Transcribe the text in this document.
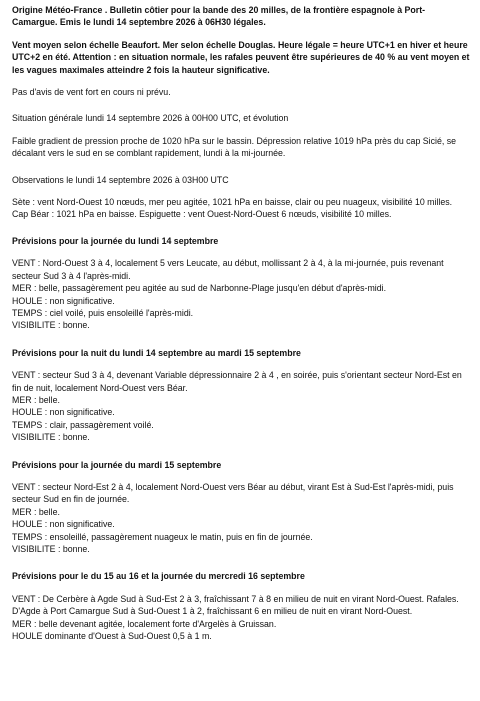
Origine Météo-France . Bulletin côtier pour la bande des 20 milles, de la frontière espagnole à Port-Camargue. Emis le lundi 14 septembre 2026 à 06H30 légales.

Vent moyen selon échelle Beaufort. Mer selon échelle Douglas. Heure légale = heure UTC+1 en hiver et heure UTC+2 en été. Attention : en situation normale, les rafales peuvent être supérieures de 40 % au vent moyen et les vagues maximales atteindre 2 fois la hauteur significative.

Pas d'avis de vent fort en cours ni prévu.

Situation générale lundi 14 septembre 2026 à 00H00 UTC, et évolution

Faible gradient de pression proche de 1020 hPa sur le bassin. Dépression relative 1019 hPa près du cap Sicié, se décalant vers le sud en se comblant rapidement, lundi à la mi-journée.

Observations le lundi 14 septembre 2026 à 03H00 UTC

Sète : vent Nord-Ouest 10 nœuds, mer peu agitée, 1021 hPa en baisse, clair ou peu nuageux, visibilité 10 milles. Cap Béar : 1021 hPa en baisse. Espiguette : vent Ouest-Nord-Ouest 6 nœuds, visibilité 10 milles.

Prévisions pour la journée du lundi 14 septembre

VENT : Nord-Ouest 3 à 4, localement 5 vers Leucate, au début, mollissant 2 à 4, à la mi-journée, puis revenant secteur Sud 3 à 4 l'après-midi.

MER : belle, passagèrement peu agitée au sud de Narbonne-Plage jusqu'en début d'après-midi.

HOULE : non significative.

TEMPS : ciel voilé, puis ensoleillé l'après-midi.

VISIBILITE : bonne.

Prévisions pour la nuit du lundi 14 septembre au mardi 15 septembre

VENT : secteur Sud 3 à 4, devenant Variable dépressionnaire 2 à 4 , en soirée, puis s'orientant secteur Nord-Est en fin de nuit, localement Nord-Ouest vers Béar.

MER : belle.

HOULE : non significative.

TEMPS : clair, passagèrement voilé.

VISIBILITE : bonne.

Prévisions pour la journée du mardi 15 septembre

VENT : secteur Nord-Est 2 à 4, localement Nord-Ouest vers Béar au début, virant Est à Sud-Est l'après-midi, puis secteur Sud en fin de journée.

MER : belle.

HOULE : non significative.

TEMPS : ensoleillé, passagèrement nuageux le matin, puis en fin de journée.

VISIBILITE : bonne.

Prévisions pour le du 15 au 16 et la journée du mercredi 16 septembre

VENT : De Cerbère à Agde Sud à Sud-Est 2 à 3, fraîchissant 7 à 8 en milieu de nuit en virant Nord-Ouest. Rafales. D'Agde à Port Camargue Sud à Sud-Ouest 1 à 2, fraîchissant 6 en milieu de nuit en virant Nord-Ouest.

MER : belle devenant agitée, localement forte d'Argelès à Gruissan.

HOULE dominante d'Ouest à Sud-Ouest 0,5 à 1 m.
